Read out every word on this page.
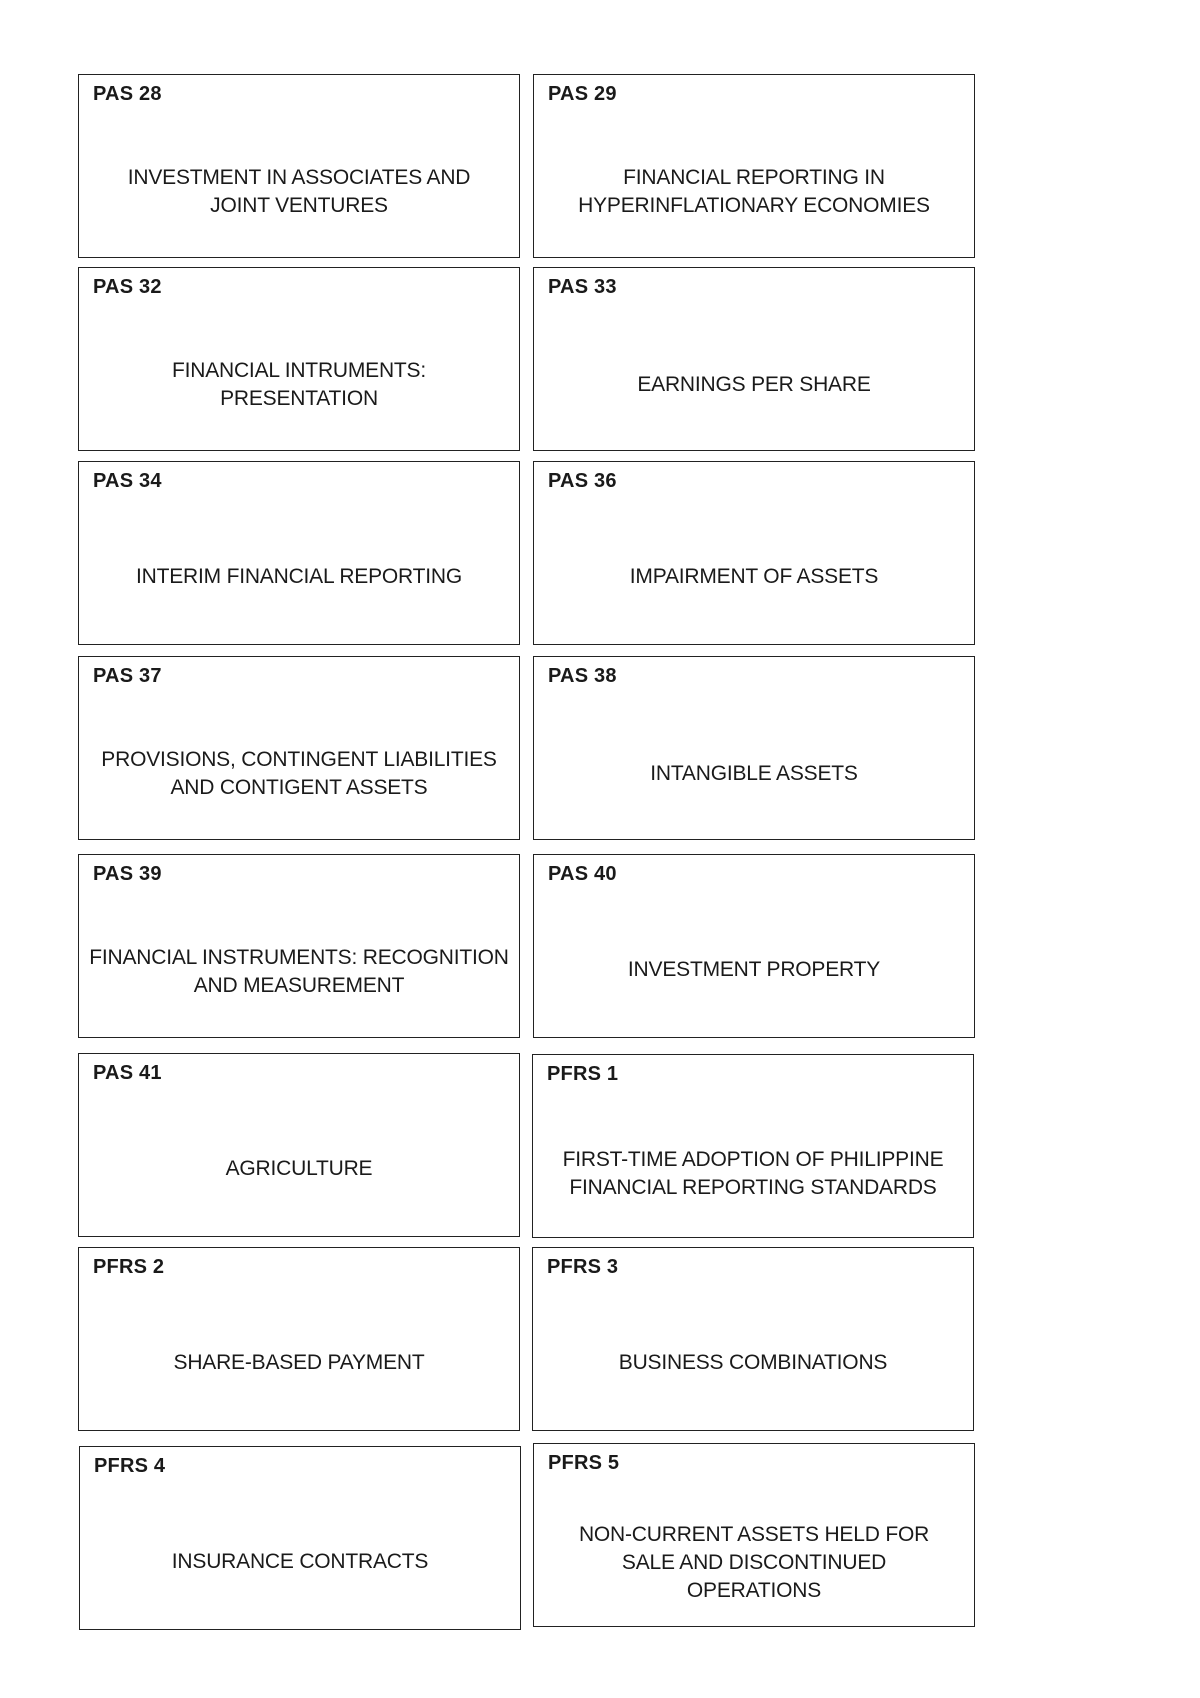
PAS 28
INVESTMENT IN ASSOCIATES AND JOINT VENTURES
PAS 29
FINANCIAL REPORTING IN HYPERINFLATIONARY ECONOMIES
PAS 32
FINANCIAL INTRUMENTS: PRESENTATION
PAS 33
EARNINGS PER SHARE
PAS 34
INTERIM FINANCIAL REPORTING
PAS 36
IMPAIRMENT OF ASSETS
PAS 37
PROVISIONS, CONTINGENT LIABILITIES AND CONTIGENT ASSETS
PAS 38
INTANGIBLE ASSETS
PAS 39
FINANCIAL INSTRUMENTS: RECOGNITION AND MEASUREMENT
PAS 40
INVESTMENT PROPERTY
PAS 41
AGRICULTURE
PFRS 1
FIRST-TIME ADOPTION OF PHILIPPINE FINANCIAL REPORTING STANDARDS
PFRS 2
SHARE-BASED PAYMENT
PFRS 3
BUSINESS COMBINATIONS
PFRS 4
INSURANCE CONTRACTS
PFRS 5
NON-CURRENT ASSETS HELD FOR SALE AND DISCONTINUED OPERATIONS
